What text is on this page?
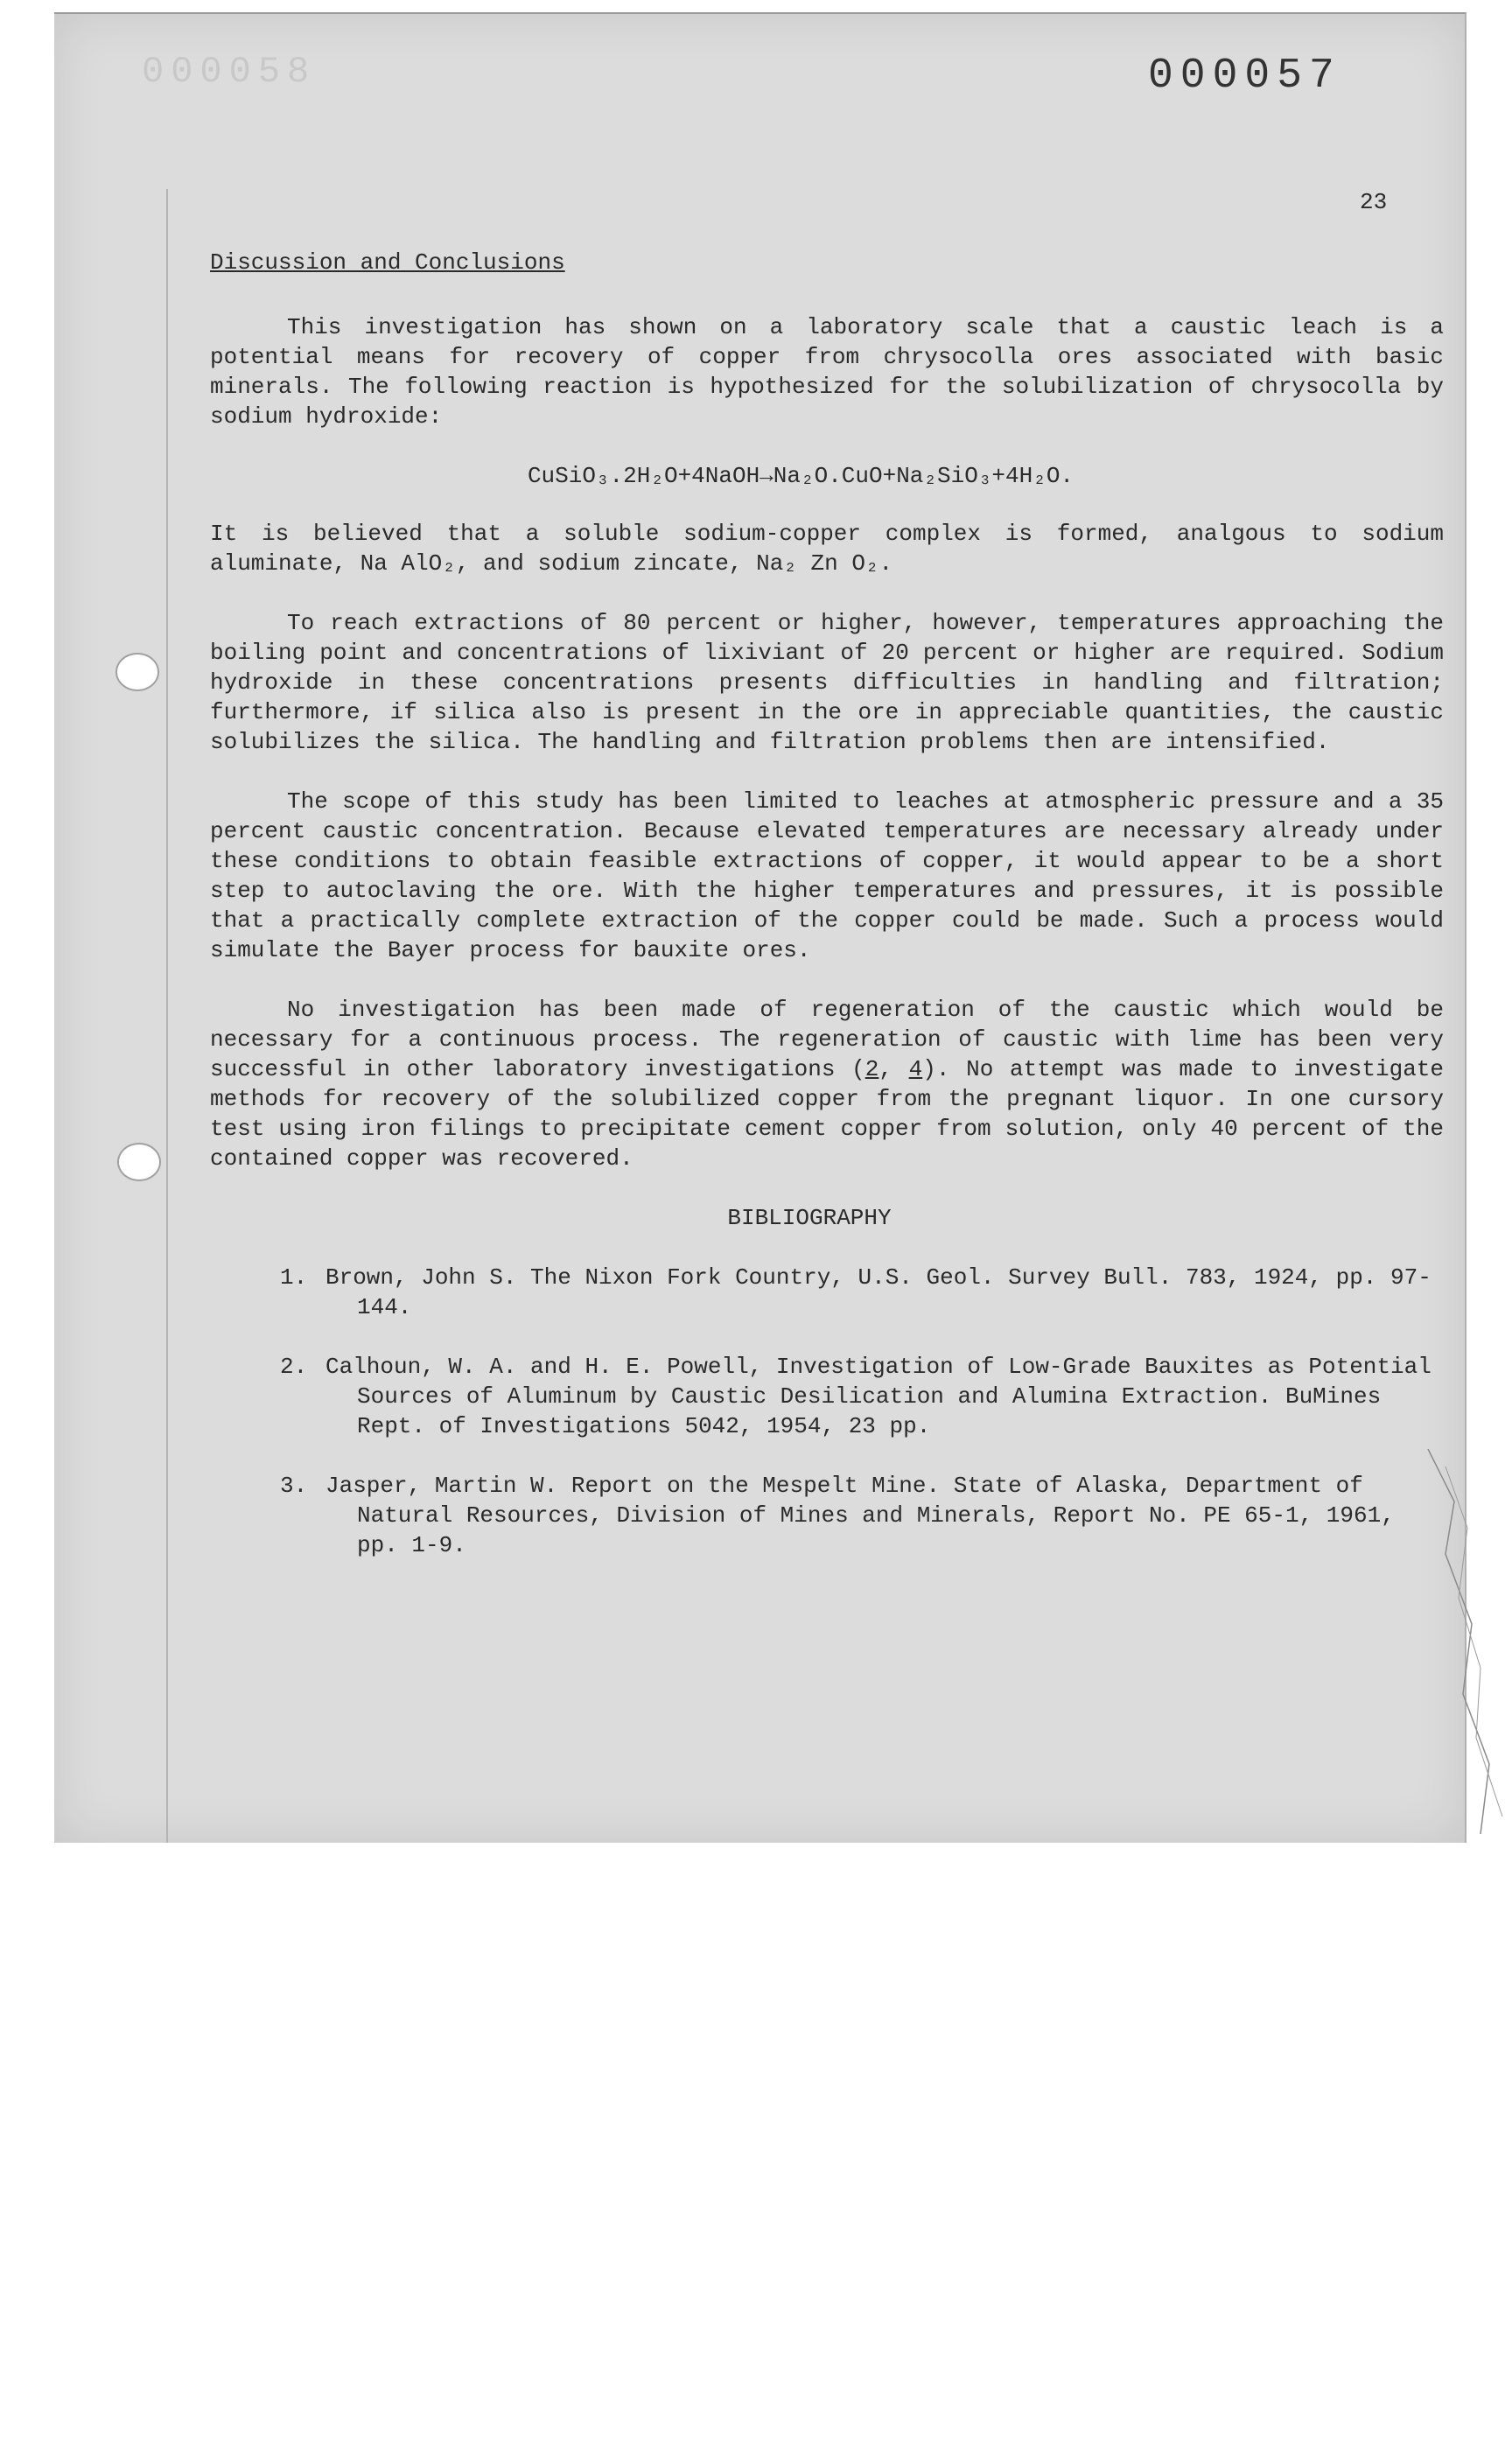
000058	000057
23
Discussion and Conclusions

This investigation has shown on a laboratory scale that a caustic leach is a potential means for recovery of copper from chrysocolla ores associated with basic minerals. The following reaction is hypothesized for the solubilization of chrysocolla by sodium hydroxide:

CuSiO₃.2H₂O+4NaOH→Na₂O.CuO+Na₂SiO₃+4H₂O.

It is believed that a soluble sodium-copper complex is formed, analgous to sodium aluminate, Na AlO₂, and sodium zincate, Na₂ Zn O₂.

To reach extractions of 80 percent or higher, however, temperatures approaching the boiling point and concentrations of lixiviant of 20 percent or higher are required. Sodium hydroxide in these concentrations presents difficulties in handling and filtration; furthermore, if silica also is present in the ore in appreciable quantities, the caustic solubilizes the silica. The handling and filtration problems then are intensified.

The scope of this study has been limited to leaches at atmospheric pressure and a 35 percent caustic concentration. Because elevated temperatures are necessary already under these conditions to obtain feasible extractions of copper, it would appear to be a short step to autoclaving the ore. With the higher temperatures and pressures, it is possible that a practically complete extraction of the copper could be made. Such a process would simulate the Bayer process for bauxite ores.

No investigation has been made of regeneration of the caustic which would be necessary for a continuous process. The regeneration of caustic with lime has been very successful in other laboratory investigations (2, 4). No attempt was made to investigate methods for recovery of the solubilized copper from the pregnant liquor. In one cursory test using iron filings to precipitate cement copper from solution, only 40 percent of the contained copper was recovered.

BIBLIOGRAPHY
1. Brown, John S. The Nixon Fork Country, U.S. Geol. Survey Bull. 783, 1924, pp. 97-144.
2. Calhoun, W. A. and H. E. Powell, Investigation of Low-Grade Bauxites as Potential Sources of Aluminum by Caustic Desilication and Alumina Extraction. BuMines Rept. of Investigations 5042, 1954, 23 pp.
3. Jasper, Martin W. Report on the Mespelt Mine. State of Alaska, Department of Natural Resources, Division of Mines and Minerals, Report No. PE 65-1, 1961, pp. 1-9.
